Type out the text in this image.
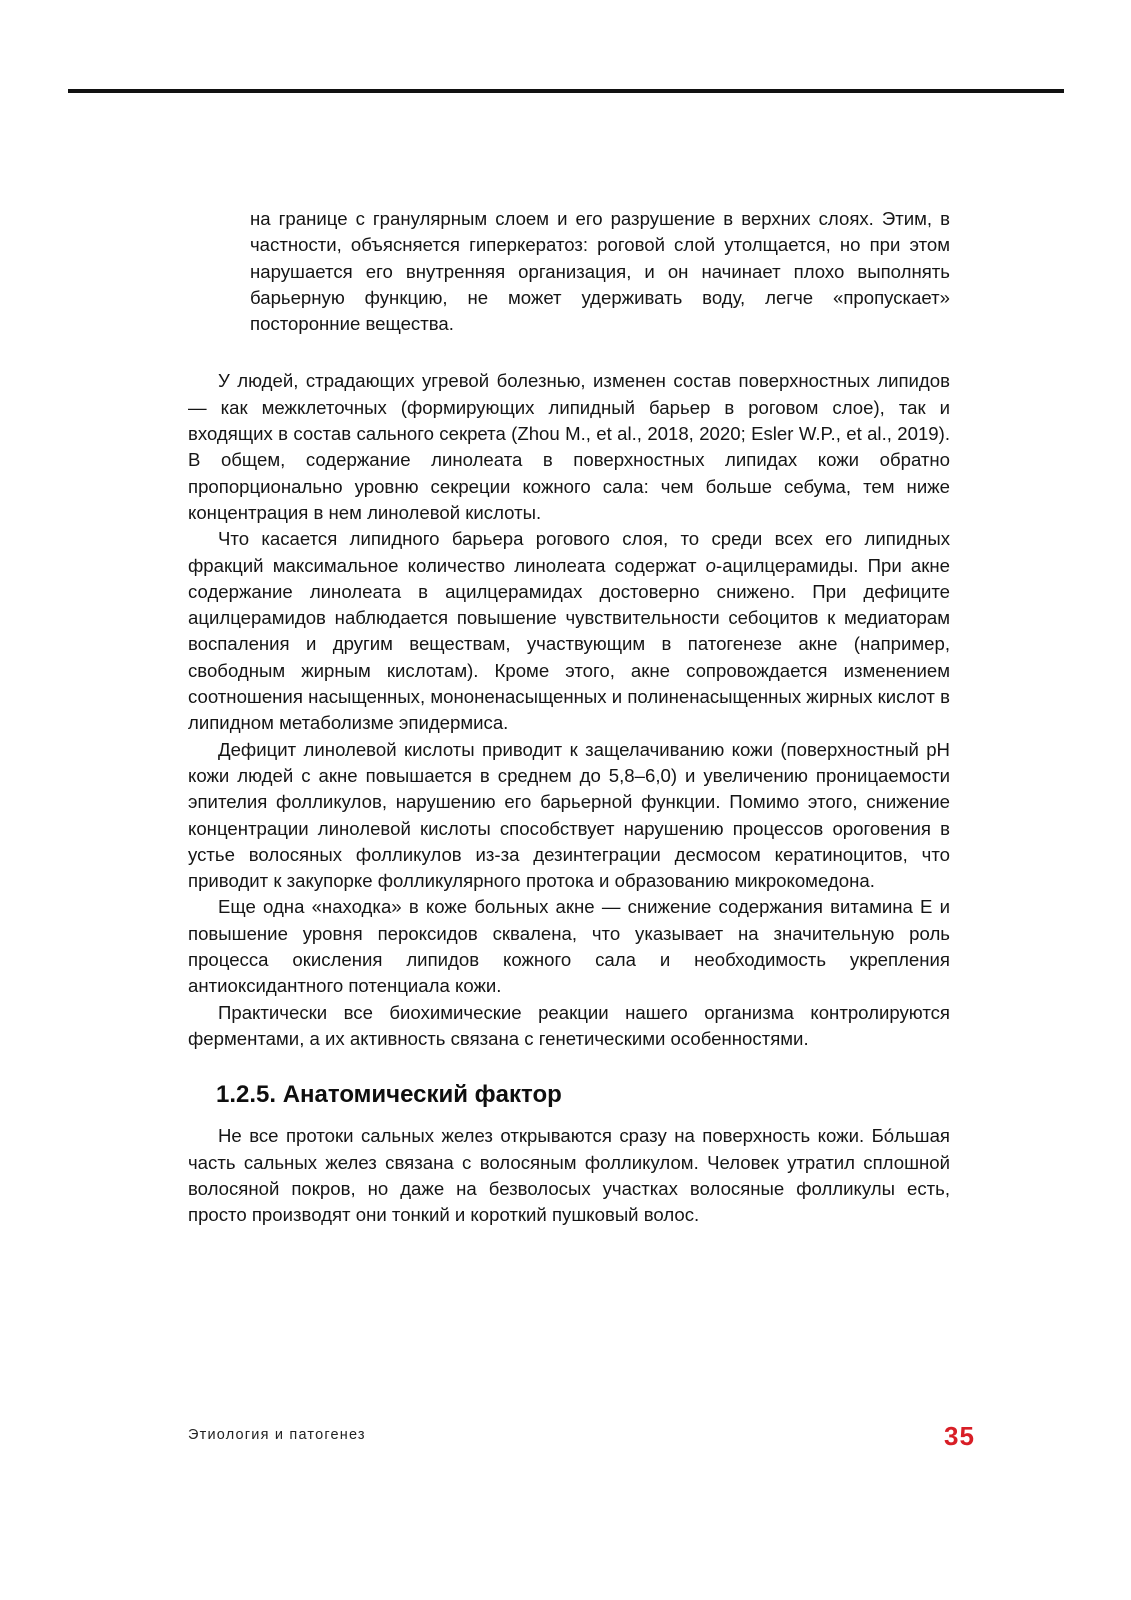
на границе с гранулярным слоем и его разрушение в верхних слоях. Этим, в частности, объясняется гиперкератоз: роговой слой утолщается, но при этом нарушается его внутренняя организация, и он начинает плохо выполнять барьерную функцию, не может удерживать воду, легче «пропускает» посторонние вещества.

У людей, страдающих угревой болезнью, изменен состав поверхностных липидов — как межклеточных (формирующих липидный барьер в роговом слое), так и входящих в состав сального секрета (Zhou M., et al., 2018, 2020; Esler W.P., et al., 2019). В общем, содержание линолеата в поверхностных липидах кожи обратно пропорционально уровню секреции кожного сала: чем больше себума, тем ниже концентрация в нем линолевой кислоты.

Что касается липидного барьера рогового слоя, то среди всех его липидных фракций максимальное количество линолеата содержат о-ацилцерамиды. При акне содержание линолеата в ацилцерамидах достоверно снижено. При дефиците ацилцерамидов наблюдается повышение чувствительности себоцитов к медиаторам воспаления и другим веществам, участвующим в патогенезе акне (например, свободным жирным кислотам). Кроме этого, акне сопровождается изменением соотношения насыщенных, мононенасыщенных и полиненасыщенных жирных кислот в липидном метаболизме эпидермиса.

Дефицит линолевой кислоты приводит к защелачиванию кожи (поверхностный pH кожи людей с акне повышается в среднем до 5,8–6,0) и увеличению проницаемости эпителия фолликулов, нарушению его барьерной функции. Помимо этого, снижение концентрации линолевой кислоты способствует нарушению процессов ороговения в устье волосяных фолликулов из-за дезинтеграции десмосом кератиноцитов, что приводит к закупорке фолликулярного протока и образованию микрокомедона.

Еще одна «находка» в коже больных акне — снижение содержания витамина E и повышение уровня пероксидов сквалена, что указывает на значительную роль процесса окисления липидов кожного сала и необходимость укрепления антиоксидантного потенциала кожи.

Практически все биохимические реакции нашего организма контролируются ферментами, а их активность связана с генетическими особенностями.

1.2.5. Анатомический фактор

Не все протоки сальных желез открываются сразу на поверхность кожи. Бо́льшая часть сальных желез связана с волосяным фолликулом. Человек утратил сплошной волосяной покров, но даже на безволосых участках волосяные фолликулы есть, просто производят они тонкий и короткий пушковый волос.

Этиология и патогенез	35
